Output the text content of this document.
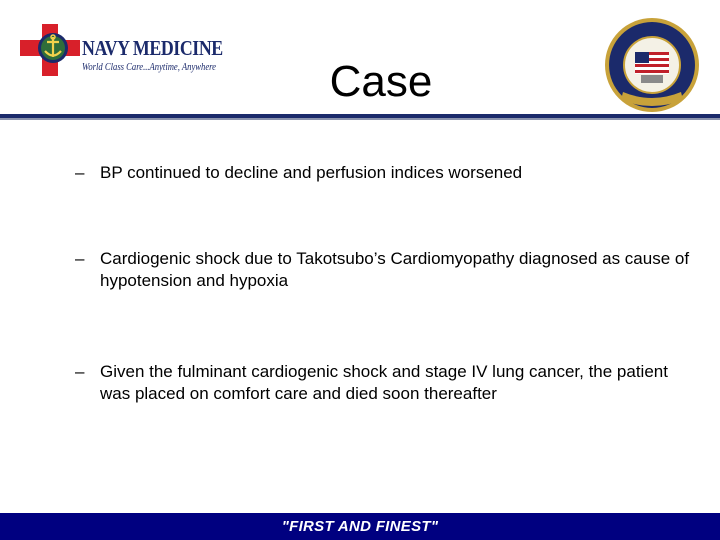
NAVY MEDICINE
World Class Care...Anytime, Anywhere	Case
– BP continued to decline and perfusion indices worsened
– Cardiogenic shock due to Takotsubo’s Cardiomyopathy diagnosed as cause of hypotension and hypoxia
– Given the fulminant cardiogenic shock and stage IV lung cancer, the patient was placed on comfort care and died soon thereafter
"FIRST AND FINEST"
